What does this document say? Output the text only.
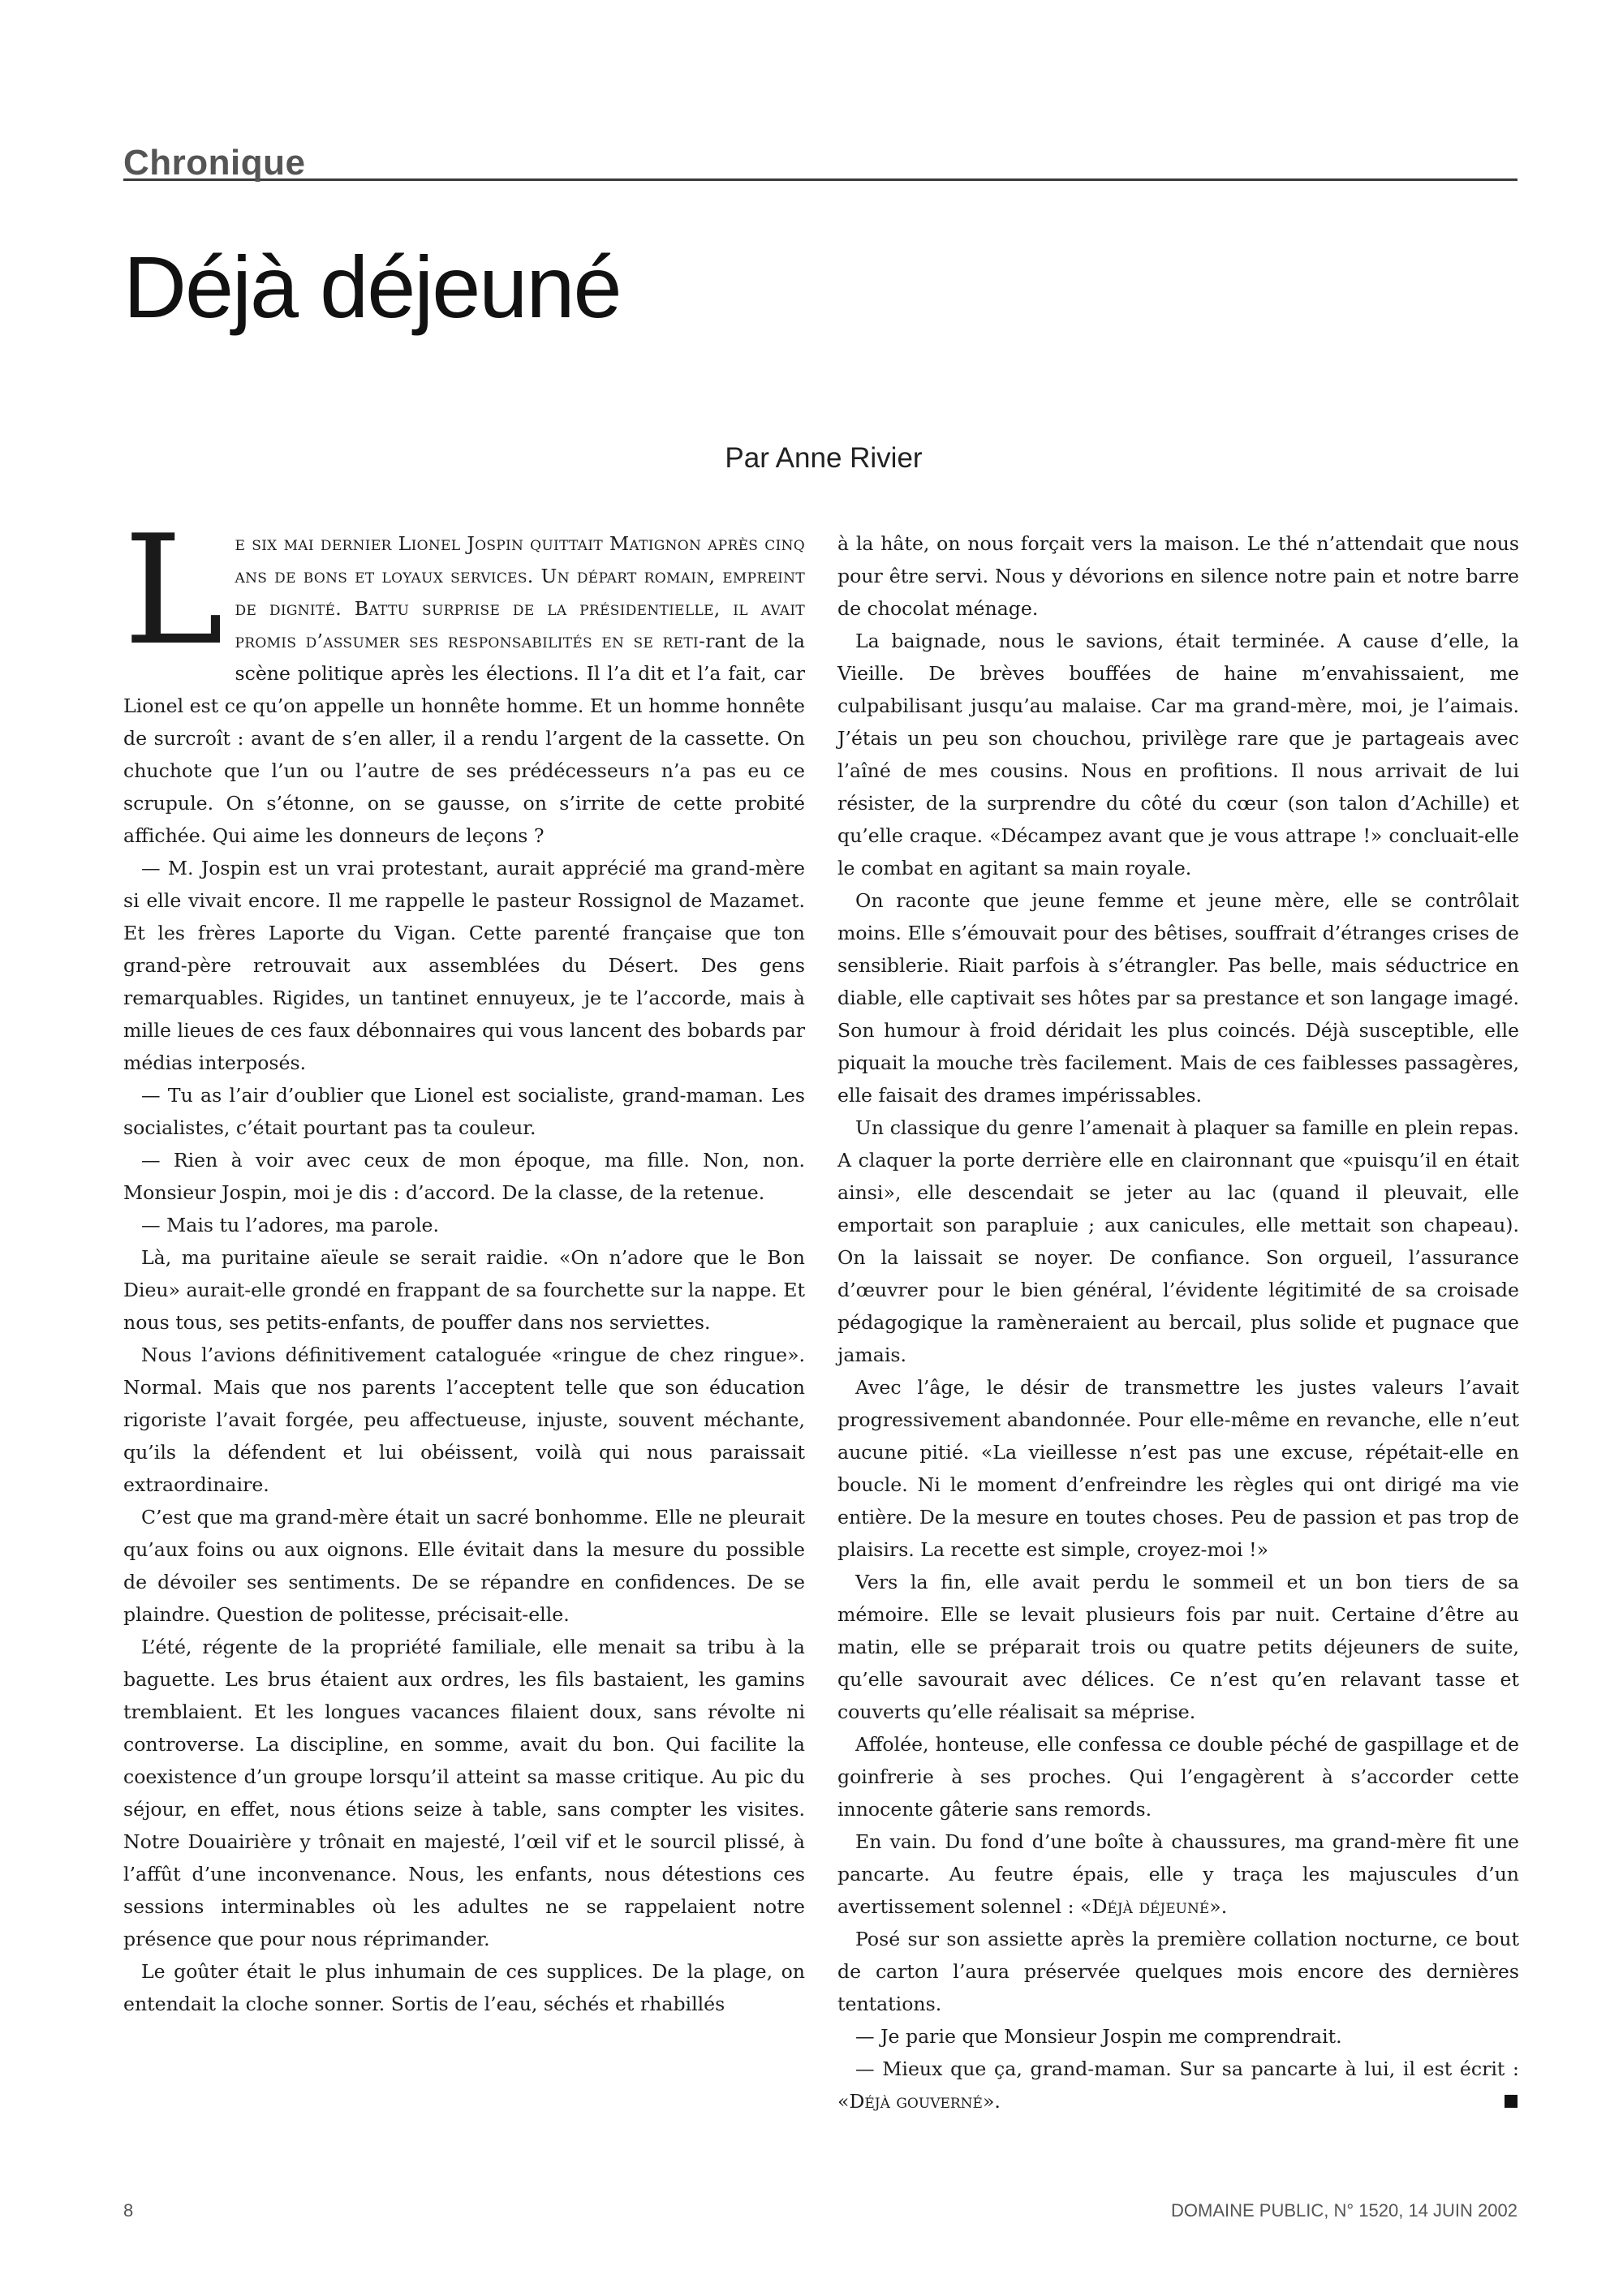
Chronique
Déjà déjeuné
Par Anne Rivier

Le six mai dernier Lionel Jospin quittait Matignon après cinq ans de bons et loyaux services. Un départ romain, empreint de dignité. Battu surprise de la présidentielle, il avait promis d’assumer ses responsabilités en se reti-rant de la scène politique après les élections. Il l’a dit et l’a fait, car Lionel est ce qu’on appelle un honnête homme. Et un homme honnête de surcroît : avant de s’en aller, il a rendu l’argent de la cassette. On chuchote que l’un ou l’autre de ses prédécesseurs n’a pas eu ce scrupule. On s’étonne, on se gausse, on s’irrite de cette probité affichée. Qui aime les donneurs de leçons ?

— M. Jospin est un vrai protestant, aurait apprécié ma grand-mère si elle vivait encore. Il me rappelle le pasteur Rossignol de Mazamet. Et les frères Laporte du Vigan. Cette parenté française que ton grand-père retrouvait aux assemblées du Désert. Des gens remarquables. Rigides, un tantinet ennuyeux, je te l’accorde, mais à mille lieues de ces faux débonnaires qui vous lancent des bobards par médias interposés.

— Tu as l’air d’oublier que Lionel est socialiste, grand-maman. Les socialistes, c’était pourtant pas ta couleur.

— Rien à voir avec ceux de mon époque, ma fille. Non, non. Monsieur Jospin, moi je dis : d’accord. De la classe, de la retenue.

— Mais tu l’adores, ma parole.

Là, ma puritaine aïeule se serait raidie. «On n’adore que le Bon Dieu» aurait-elle grondé en frappant de sa fourchette sur la nappe. Et nous tous, ses petits-enfants, de pouffer dans nos serviettes.

Nous l’avions définitivement cataloguée «ringue de chez ringue». Normal. Mais que nos parents l’acceptent telle que son éducation rigoriste l’avait forgée, peu affectueuse, injuste, souvent méchante, qu’ils la défendent et lui obéissent, voilà qui nous paraissait extraordinaire.

C’est que ma grand-mère était un sacré bonhomme. Elle ne pleurait qu’aux foins ou aux oignons. Elle évitait dans la mesure du possible de dévoiler ses sentiments. De se répandre en confidences. De se plaindre. Question de politesse, précisait-elle.

L’été, régente de la propriété familiale, elle menait sa tribu à la baguette. Les brus étaient aux ordres, les fils bastaient, les gamins tremblaient. Et les longues vacances filaient doux, sans révolte ni controverse. La discipline, en somme, avait du bon. Qui facilite la coexistence d’un groupe lorsqu’il atteint sa masse critique. Au pic du séjour, en effet, nous étions seize à table, sans compter les visites. Notre Douairière y trônait en majesté, l’œil vif et le sourcil plissé, à l’affût d’une inconvenance. Nous, les enfants, nous détestions ces sessions interminables où les adultes ne se rappelaient notre présence que pour nous réprimander.

Le goûter était le plus inhumain de ces supplices. De la plage, on entendait la cloche sonner. Sortis de l’eau, séchés et rhabillés

à la hâte, on nous forçait vers la maison. Le thé n’attendait que nous pour être servi. Nous y dévorions en silence notre pain et notre barre de chocolat ménage.

La baignade, nous le savions, était terminée. A cause d’elle, la Vieille. De brèves bouffées de haine m’envahissaient, me culpabilisant jusqu’au malaise. Car ma grand-mère, moi, je l’aimais. J’étais un peu son chouchou, privilège rare que je partageais avec l’aîné de mes cousins. Nous en profitions. Il nous arrivait de lui résister, de la surprendre du côté du cœur (son talon d’Achille) et qu’elle craque. «Décampez avant que je vous attrape !» concluait-elle le combat en agitant sa main royale.

On raconte que jeune femme et jeune mère, elle se contrôlait moins. Elle s’émouvait pour des bêtises, souffrait d’étranges crises de sensiblerie. Riait parfois à s’étrangler. Pas belle, mais séductrice en diable, elle captivait ses hôtes par sa prestance et son langage imagé. Son humour à froid déridait les plus coincés. Déjà susceptible, elle piquait la mouche très facilement. Mais de ces faiblesses passagères, elle faisait des drames impérissables.

Un classique du genre l’amenait à plaquer sa famille en plein repas. A claquer la porte derrière elle en claironnant que «puisqu’il en était ainsi», elle descendait se jeter au lac (quand il pleuvait, elle emportait son parapluie ; aux canicules, elle mettait son chapeau). On la laissait se noyer. De confiance. Son orgueil, l’assurance d’œuvrer pour le bien général, l’évidente légitimité de sa croisade pédagogique la ramèneraient au bercail, plus solide et pugnace que jamais.

Avec l’âge, le désir de transmettre les justes valeurs l’avait progressivement abandonnée. Pour elle-même en revanche, elle n’eut aucune pitié. «La vieillesse n’est pas une excuse, répétait-elle en boucle. Ni le moment d’enfreindre les règles qui ont dirigé ma vie entière. De la mesure en toutes choses. Peu de passion et pas trop de plaisirs. La recette est simple, croyez-moi !»

Vers la fin, elle avait perdu le sommeil et un bon tiers de sa mémoire. Elle se levait plusieurs fois par nuit. Certaine d’être au matin, elle se préparait trois ou quatre petits déjeuners de suite, qu’elle savourait avec délices. Ce n’est qu’en relavant tasse et couverts qu’elle réalisait sa méprise.

Affolée, honteuse, elle confessa ce double péché de gaspillage et de goinfrerie à ses proches. Qui l’engagèrent à s’accorder cette innocente gâterie sans remords.

En vain. Du fond d’une boîte à chaussures, ma grand-mère fit une pancarte. Au feutre épais, elle y traça les majuscules d’un avertissement solennel : «Déjà déjeuné».

Posé sur son assiette après la première collation nocturne, ce bout de carton l’aura préservée quelques mois encore des dernières tentations.

— Je parie que Monsieur Jospin me comprendrait.

— Mieux que ça, grand-maman. Sur sa pancarte à lui, il est écrit : «Déjà gouverné».

8	DOMAINE PUBLIC, N° 1520, 14 JUIN 2002
